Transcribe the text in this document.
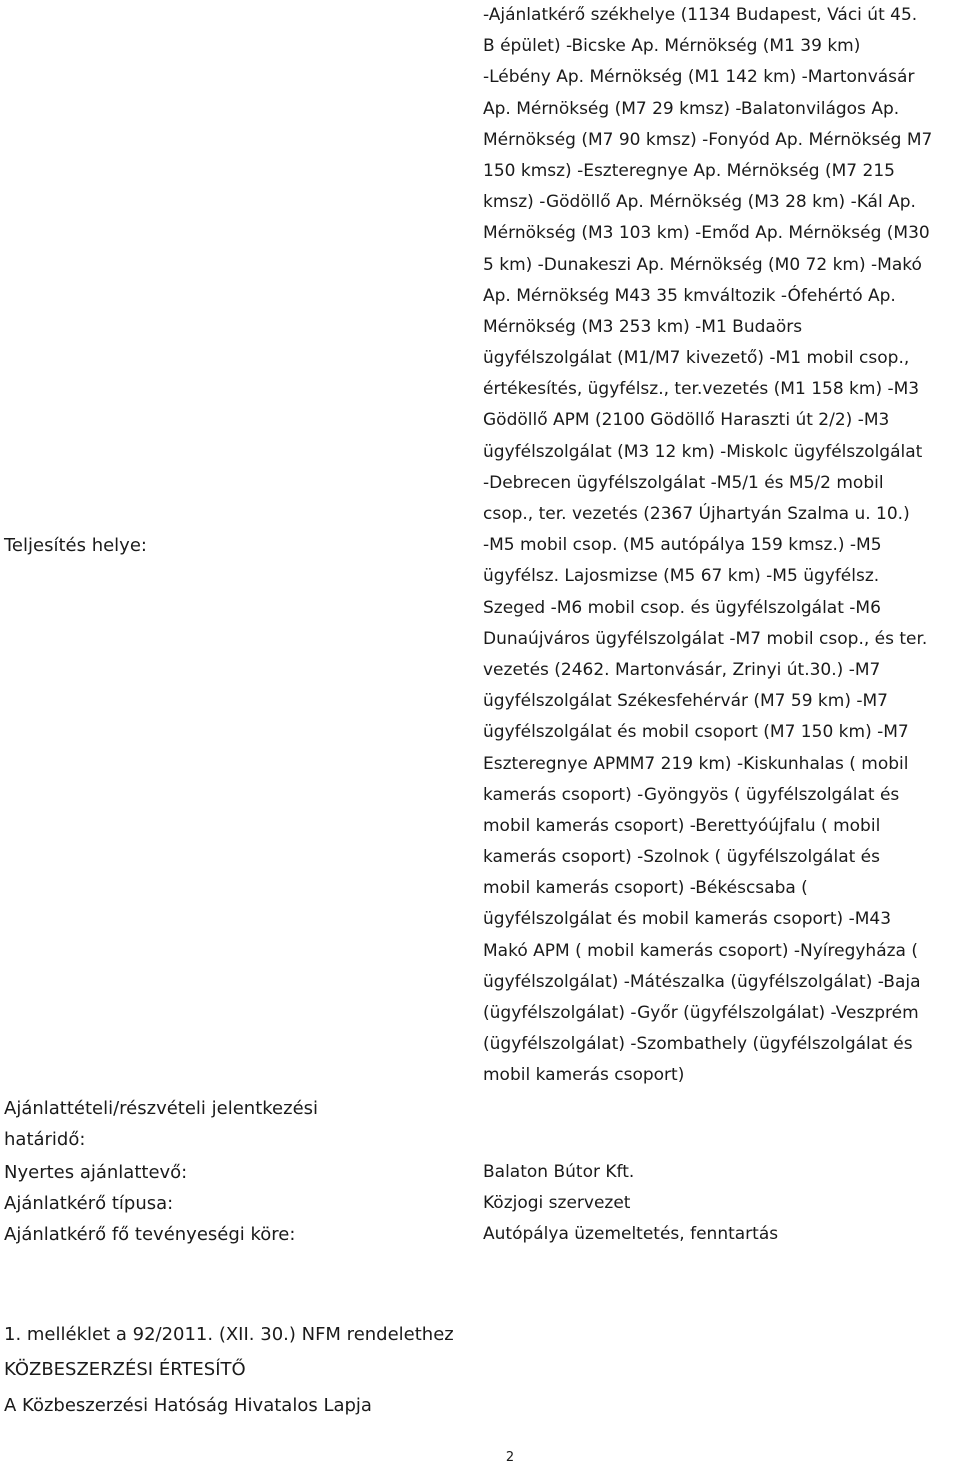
Teljesítés helye:
-Ajánlatkérő székhelye (1134 Budapest, Váci út 45.
B épület) -Bicske Ap. Mérnökség (M1 39 km)
-Lébény Ap. Mérnökség (M1 142 km) -Martonvásár
Ap. Mérnökség (M7 29 kmsz) -Balatonvilágos Ap.
Mérnökség (M7 90 kmsz) -Fonyód Ap. Mérnökség M7
150 kmsz) -Eszteregnye Ap. Mérnökség (M7 215
kmsz) -Gödöllő Ap. Mérnökség (M3 28 km) -Kál Ap.
Mérnökség (M3 103 km) -Emőd Ap. Mérnökség (M30
5 km) -Dunakeszi Ap. Mérnökség (M0 72 km) -Makó
Ap. Mérnökség M43 35 kmváltozik -Ófehértó Ap.
Mérnökség (M3 253 km) -M1 Budaörs
ügyfélszolgálat (M1/M7 kivezető) -M1 mobil csop.,
értékesítés, ügyfélsz., ter.vezetés (M1 158 km) -M3
Gödöllő APM (2100 Gödöllő Haraszti út 2/2) -M3
ügyfélszolgálat (M3 12 km) -Miskolc ügyfélszolgálat
-Debrecen ügyfélszolgálat -M5/1 és M5/2 mobil
csop., ter. vezetés (2367 Újhartyán Szalma u. 10.)
-M5 mobil csop. (M5 autópálya 159 kmsz.) -M5
ügyfélsz. Lajosmizse (M5 67 km) -M5 ügyfélsz.
Szeged -M6 mobil csop. és ügyfélszolgálat -M6
Dunaújváros ügyfélszolgálat -M7 mobil csop., és ter.
vezetés (2462. Martonvásár, Zrinyi út.30.) -M7
ügyfélszolgálat Székesfehérvár (M7 59 km) -M7
ügyfélszolgálat és mobil csoport (M7 150 km) -M7
Eszteregnye APMM7 219 km) -Kiskunhalas ( mobil
kamerás csoport) -Gyöngyös ( ügyfélszolgálat és
mobil kamerás csoport) -Berettyóújfalu ( mobil
kamerás csoport) -Szolnok ( ügyfélszolgálat és
mobil kamerás csoport) -Békéscsaba (
ügyfélszolgálat és mobil kamerás csoport) -M43
Makó APM ( mobil kamerás csoport) -Nyíregyháza (
ügyfélszolgálat) -Mátészalka (ügyfélszolgálat) -Baja
(ügyfélszolgálat) -Győr (ügyfélszolgálat) -Veszprém
(ügyfélszolgálat) -Szombathely (ügyfélszolgálat és
mobil kamerás csoport)
Ajánlattételi/részvételi jelentkezési
határidő:
Nyertes ajánlattevő:	Balaton Bútor Kft.
Ajánlatkérő típusa:	Közjogi szervezet
Ajánlatkérő fő tevényeségi köre:	Autópálya üzemeltetés, fenntartás
1. melléklet a 92/2011. (XII. 30.) NFM rendelethez
KÖZBESZERZÉSI ÉRTESÍTŐ
A Közbeszerzési Hatóság Hivatalos Lapja
2
